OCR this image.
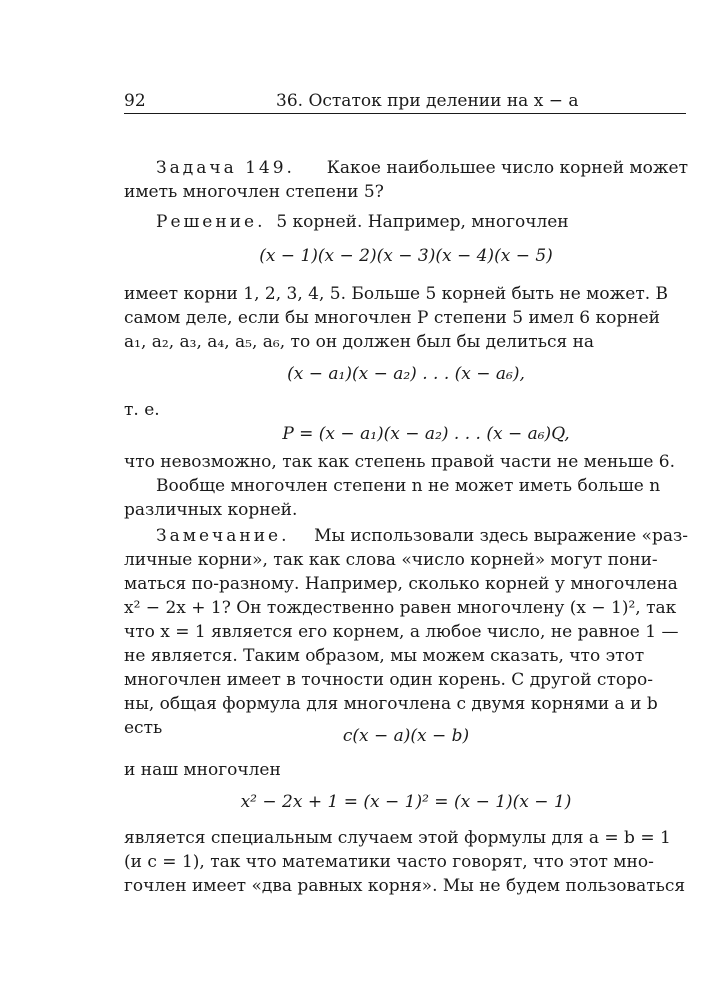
92	36. Остаток при делении на x − a
Задача 149. Какое наибольшее число корней может
иметь многочлен степени 5?
Решение.
5 корней. Например, многочлен
(x − 1)(x − 2)(x − 3)(x − 4)(x − 5)
имеет корни 1, 2, 3, 4, 5. Больше 5 корней быть не может. В
самом деле, если бы многочлен P степени 5 имел 6 корней
a₁, a₂, a₃, a₄, a₅, a₆, то он должен был бы делиться на
(x − a₁)(x − a₂) . . . (x − a₆),
т. е.
P = (x − a₁)(x − a₂) . . . (x − a₆)Q,
что невозможно, так как степень правой части не меньше 6.
Вообще многочлен степени n не может иметь больше n
различных корней.
Замечание. Мы использовали здесь выражение «раз-
личные корни», так как слова «число корней» могут пони-
маться по-разному. Например, сколько корней у многочлена
x² − 2x + 1? Он тождественно равен многочлену (x − 1)², так
что x = 1 является его корнем, а любое число, не равное 1 —
не является. Таким образом, мы можем сказать, что этот
многочлен имеет в точности один корень. С другой сторо-
ны, общая формула для многочлена с двумя корнями a и b
есть	c(x − a)(x − b)
и наш многочлен
x² − 2x + 1 = (x − 1)² = (x − 1)(x − 1)
является специальным случаем этой формулы для a = b = 1
(и c = 1), так что математики часто говорят, что этот мно-
гочлен имеет «два равных корня». Мы не будем пользоваться
